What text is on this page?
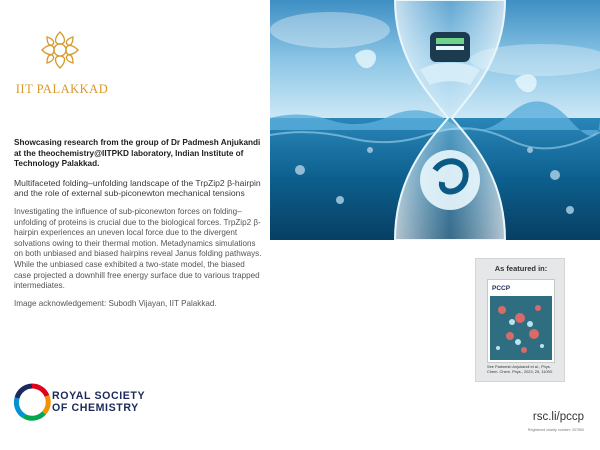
IIT PALAKKAD

Showcasing research from the group of Dr Padmesh Anjukandi at the theochemistry@IITPKD laboratory, Indian Institute of Technology Palakkad.

Multifaceted folding–unfolding landscape of the TrpZip2 β-hairpin and the role of external sub-piconewton mechanical tensions

Investigating the influence of sub-piconewton forces on folding–unfolding of proteins is crucial due to the biological forces. TrpZip2 β-hairpin experiences an uneven local force due to the divergent solvations owing to their thermal motion. Metadynamics simulations on both unbiased and biased hairpins reveal Janus folding pathways. While the unbiased case exhibited a two-state model, the biased case projected a downhill free energy surface due to various trapped intermediates.

Image acknowledgement: Subodh Vijayan, IIT Palakkad.

As featured in:
PCCP
See Padmesh Anjukandi et al., Phys. Chem. Chem. Phys., 2023, 25, 11093.
ROYAL SOCIETY
OF CHEMISTRY
rsc.li/pccp
Registered charity number: 207890
